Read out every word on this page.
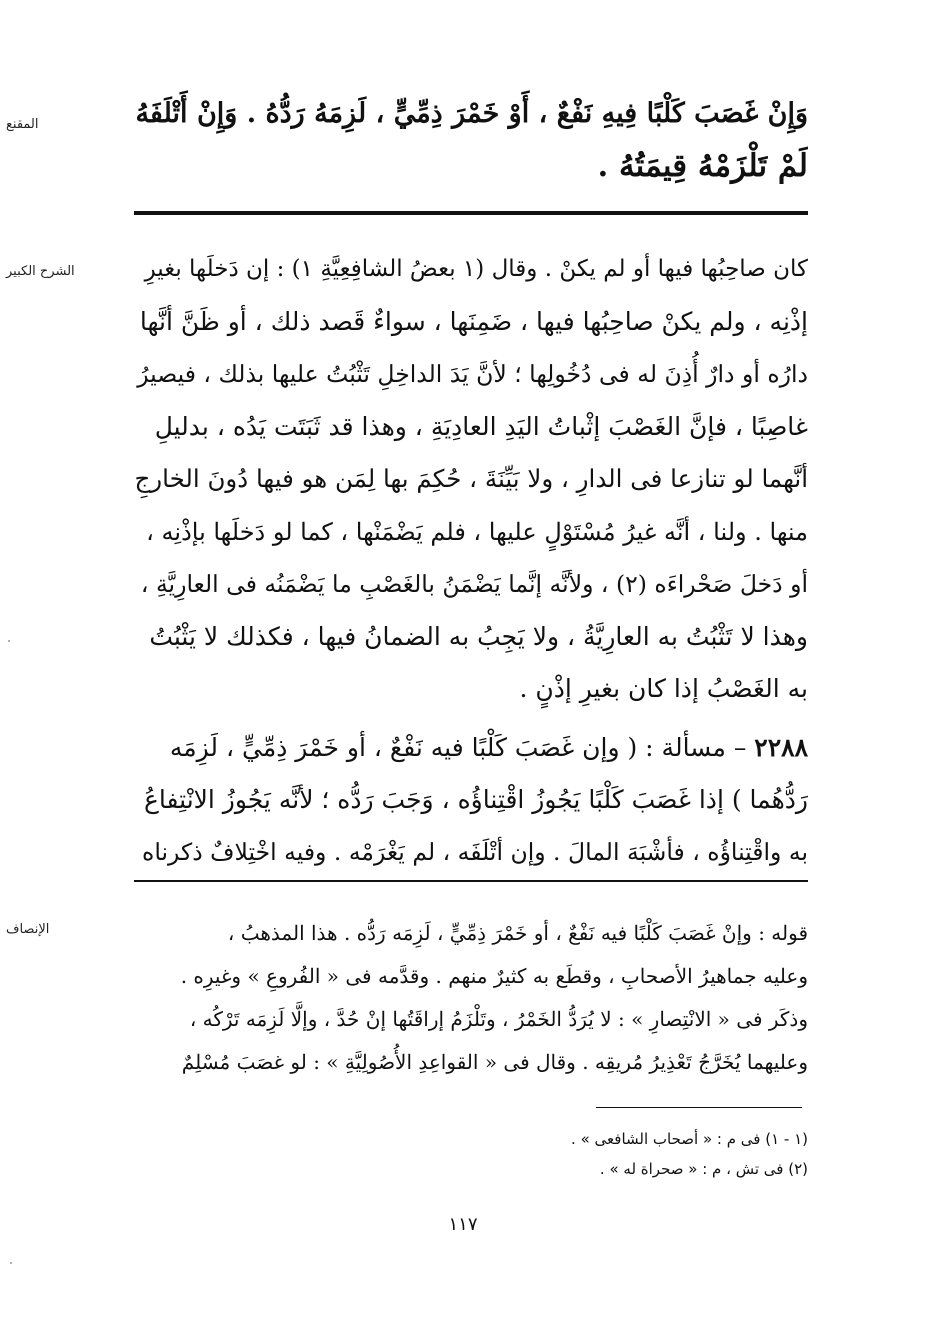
المقنع	وَإِنْ غَصَبَ كَلْبًا فِيهِ نَفْعٌ ، أَوْ خَمْرَ ذِمِّيٍّ ، لَزِمَهُ رَدُّهُ . وَإِنْ أَتْلَفَهُ
لَمْ تَلْزَمْهُ قِيمَتُهُ .
الشرح الكبير	كان صاحِبُها فيها أو لم يكنْ . وقال (١ بعضُ الشافِعِيَّةِ ١) : إن دَخلَها بغيرِ
إذْنِه ، ولم يكنْ صاحِبُها فيها ، ضَمِنَها ، سواءٌ قَصد ذلك ، أو ظَنَّ أنَّها
دارُه أو دارٌ أُذِنَ له فى دُخُولِها ؛ لأنَّ يَدَ الداخِلِ تَثْبُتُ عليها بذلك ، فيصيرُ
غاصِبًا ، فإنَّ الغَصْبَ إثْباتُ اليَدِ العادِيَةِ ، وهذا قد ثَبَتَت يَدُه ، بدليلِ
أنَّهما لو تنازعا فى الدارِ ، ولا بَيِّنَةَ ، حُكِمَ بها لِمَن هو فيها دُونَ الخارجِ
منها . ولنا ، أنَّه غيرُ مُسْتَوْلٍ عليها ، فلم يَضْمَنْها ، كما لو دَخلَها بإذْنِه ،
أو دَخلَ صَحْراءَه (٢) ، ولأنَّه إنَّما يَضْمَنُ بالغَصْبِ ما يَضْمَنُه فى العارِيَّةِ ،
وهذا لا تَثْبُتُ به العارِيَّةُ ، ولا يَجِبُ به الضمانُ فيها ، فكذلك لا يَثْبُتُ
به الغَصْبُ إذا كان بغيرِ إذْنٍ .
٢٢٨٨ – مسألة : ( وإن غَصَبَ كَلْبًا فيه نَفْعٌ ، أو خَمْرَ ذِمِّيٍّ ، لَزِمَه
رَدُّهُما ) إذا غَصَبَ كَلْبًا يَجُوزُ اقْتِناؤُه ، وَجَبَ رَدُّه ؛ لأنَّه يَجُوزُ الانْتِفاعُ
به واقْتِناؤُه ، فأشْبَهَ المالَ . وإن أتْلَفَه ، لم يَغْرَمْه . وفيه اخْتِلافٌ ذكرناه
الإنصاف	قوله : وإنْ غَصَبَ كَلْبًا فيه نَفْعٌ ، أو خَمْرَ ذِمِّيٍّ ، لَزِمَه رَدُّه . هذا المذهبُ ،
وعليه جماهيرُ الأصحابِ ، وقطَع به كثيرٌ منهم . وقدَّمه فى « الفُروعِ » وغيرِه .
وذكَر فى « الانْتِصارِ » : لا يُرَدُّ الخَمْرُ ، وتَلْزَمُ إراقَتُها إنْ حُدَّ ، وإلَّا لَزِمَه تَرْكُه ،
وعليهما يُخَرَّجُ تَعْذِيرُ مُريقِه . وقال فى « القواعِدِ الأُصُولِيَّةِ » : لو غصَبَ مُسْلِمٌ
(١ - ١) فى م : « أصحاب الشافعى » .
(٢) فى تش ، م : « صحراة له » .
١١٧
